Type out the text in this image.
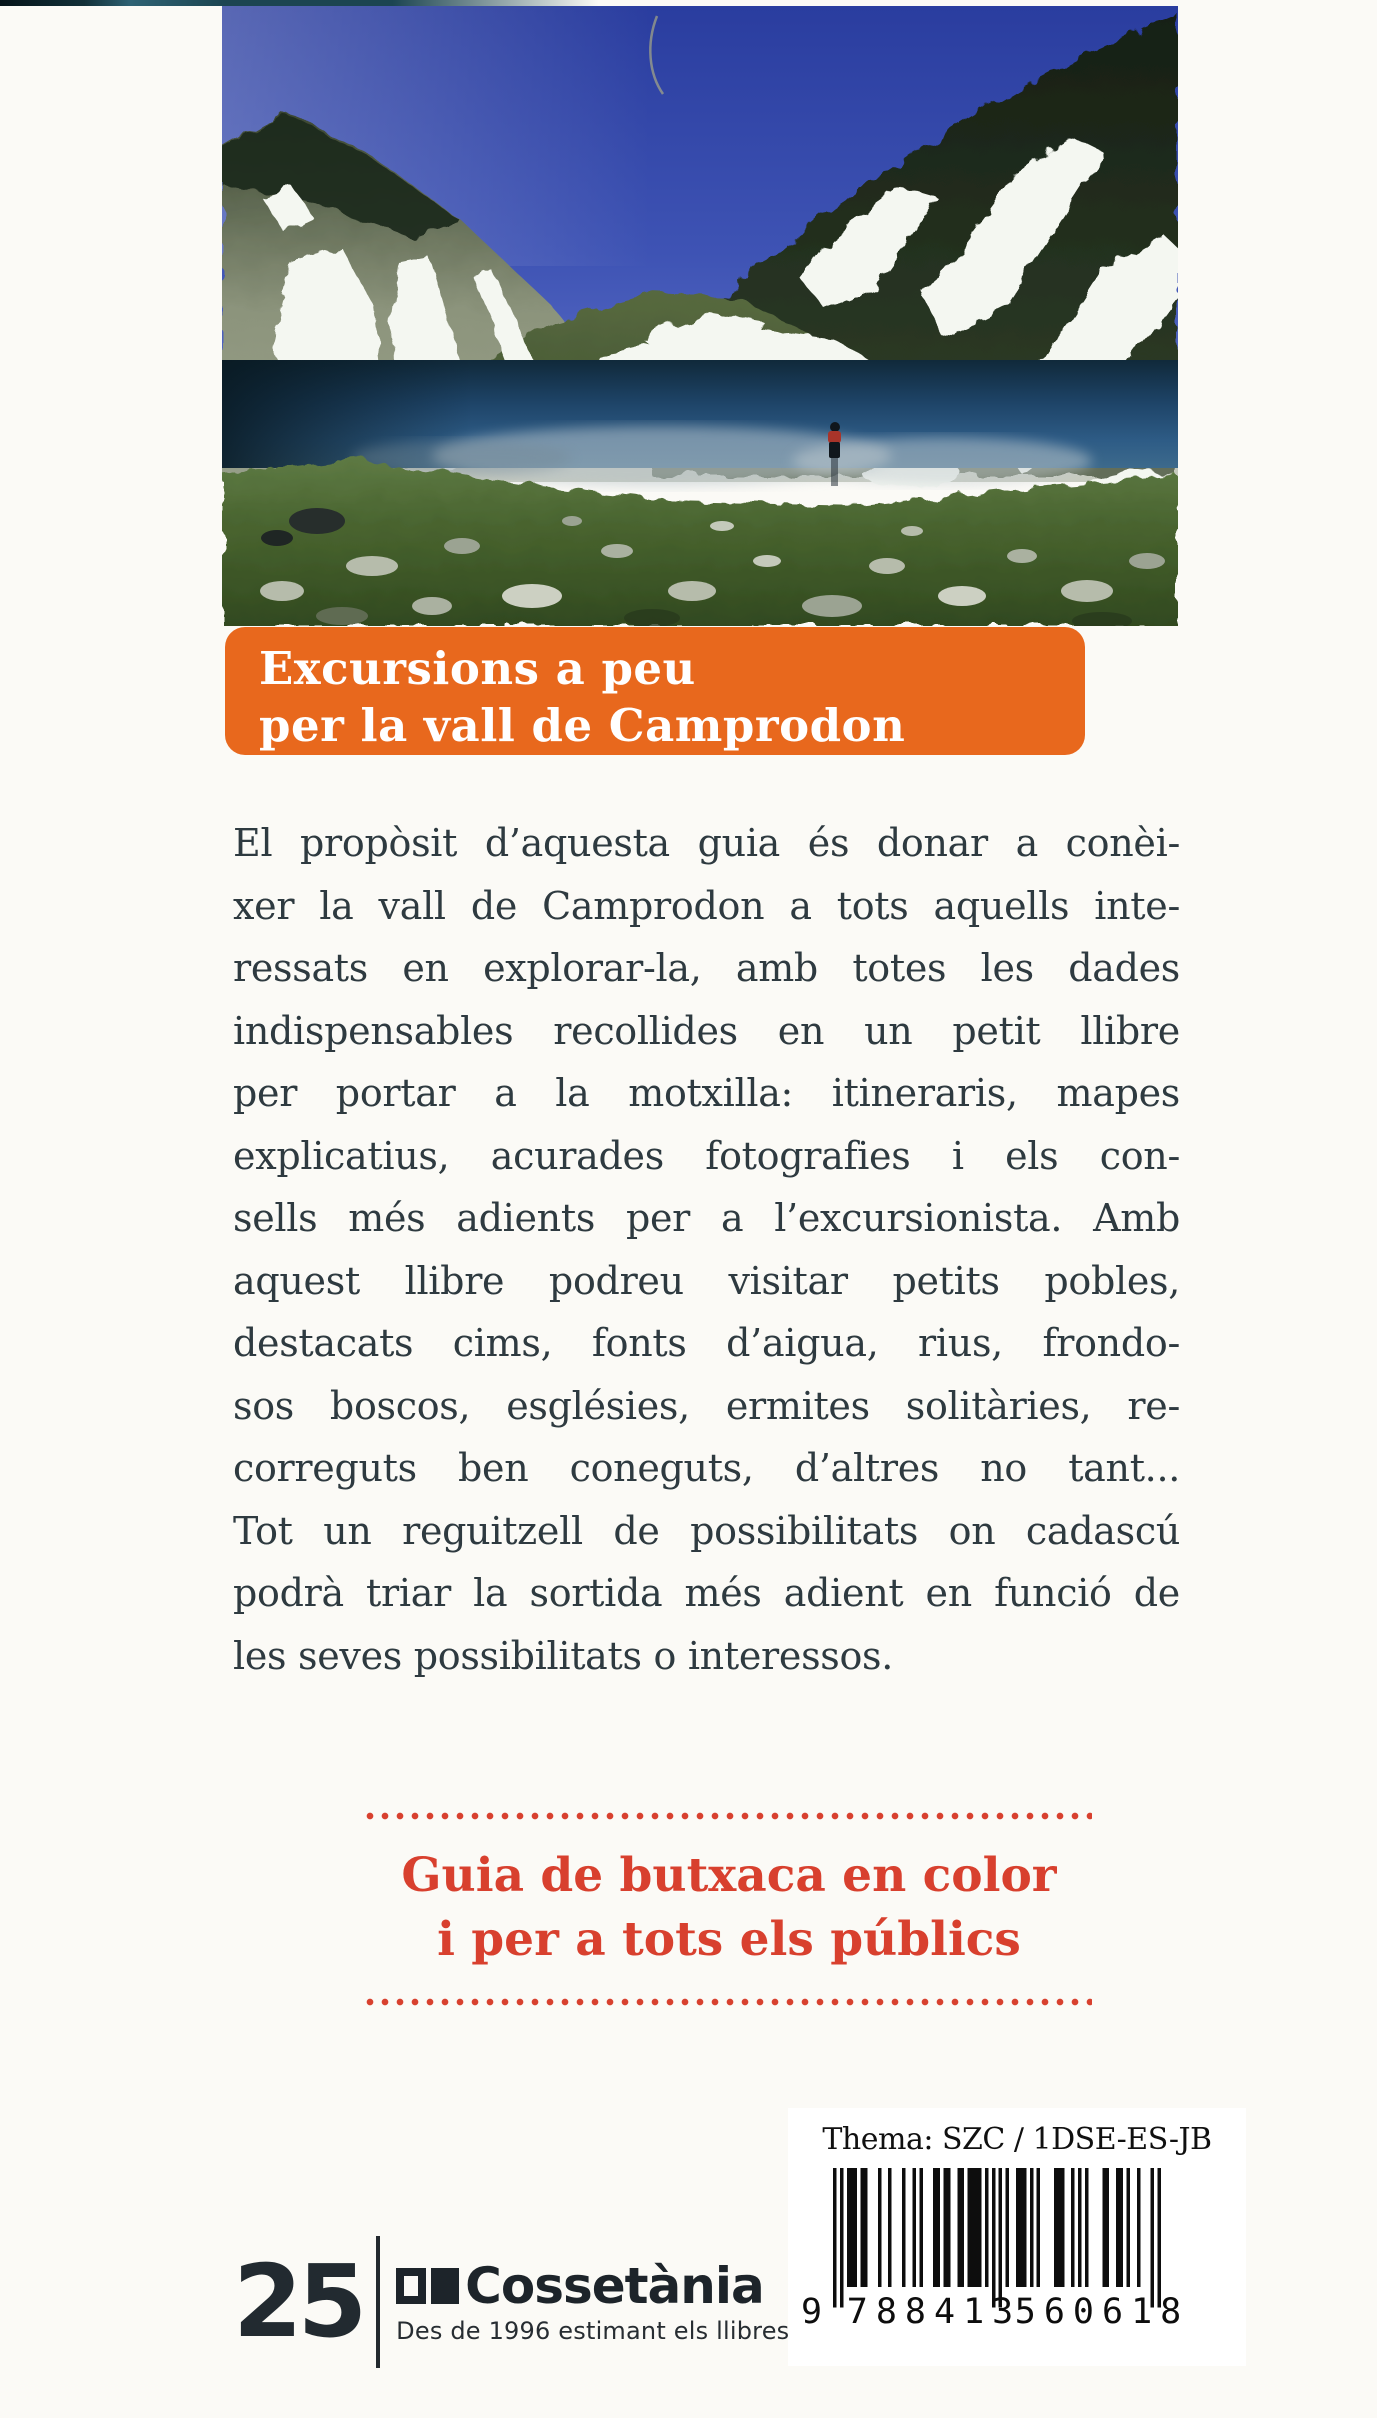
Excursions a peu
per la vall de Camprodon
El propòsit d’aquesta guia és donar a conèi-
xer la vall de Camprodon a tots aquells inte-
ressats en explorar-la, amb totes les dades
indispensables recollides en un petit llibre
per portar a la motxilla: itineraris, mapes
explicatius, acurades fotografies i els con-
sells més adients per a l’excursionista. Amb
aquest llibre podreu visitar petits pobles,
destacats cims, fonts d’aigua, rius, frondo-
sos boscos, esglésies, ermites solitàries, re-
correguts ben coneguts, d’altres no tant...
Tot un reguitzell de possibilitats on cadascú
podrà triar la sortida més adient en funció de
les seves possibilitats o interessos.
Guia de butxaca en color
i per a tots els públics
Thema: SZC / 1DSE-ES-JB
9 788413
560618
25 Cossetània
Des de 1996 estimant els llibres
